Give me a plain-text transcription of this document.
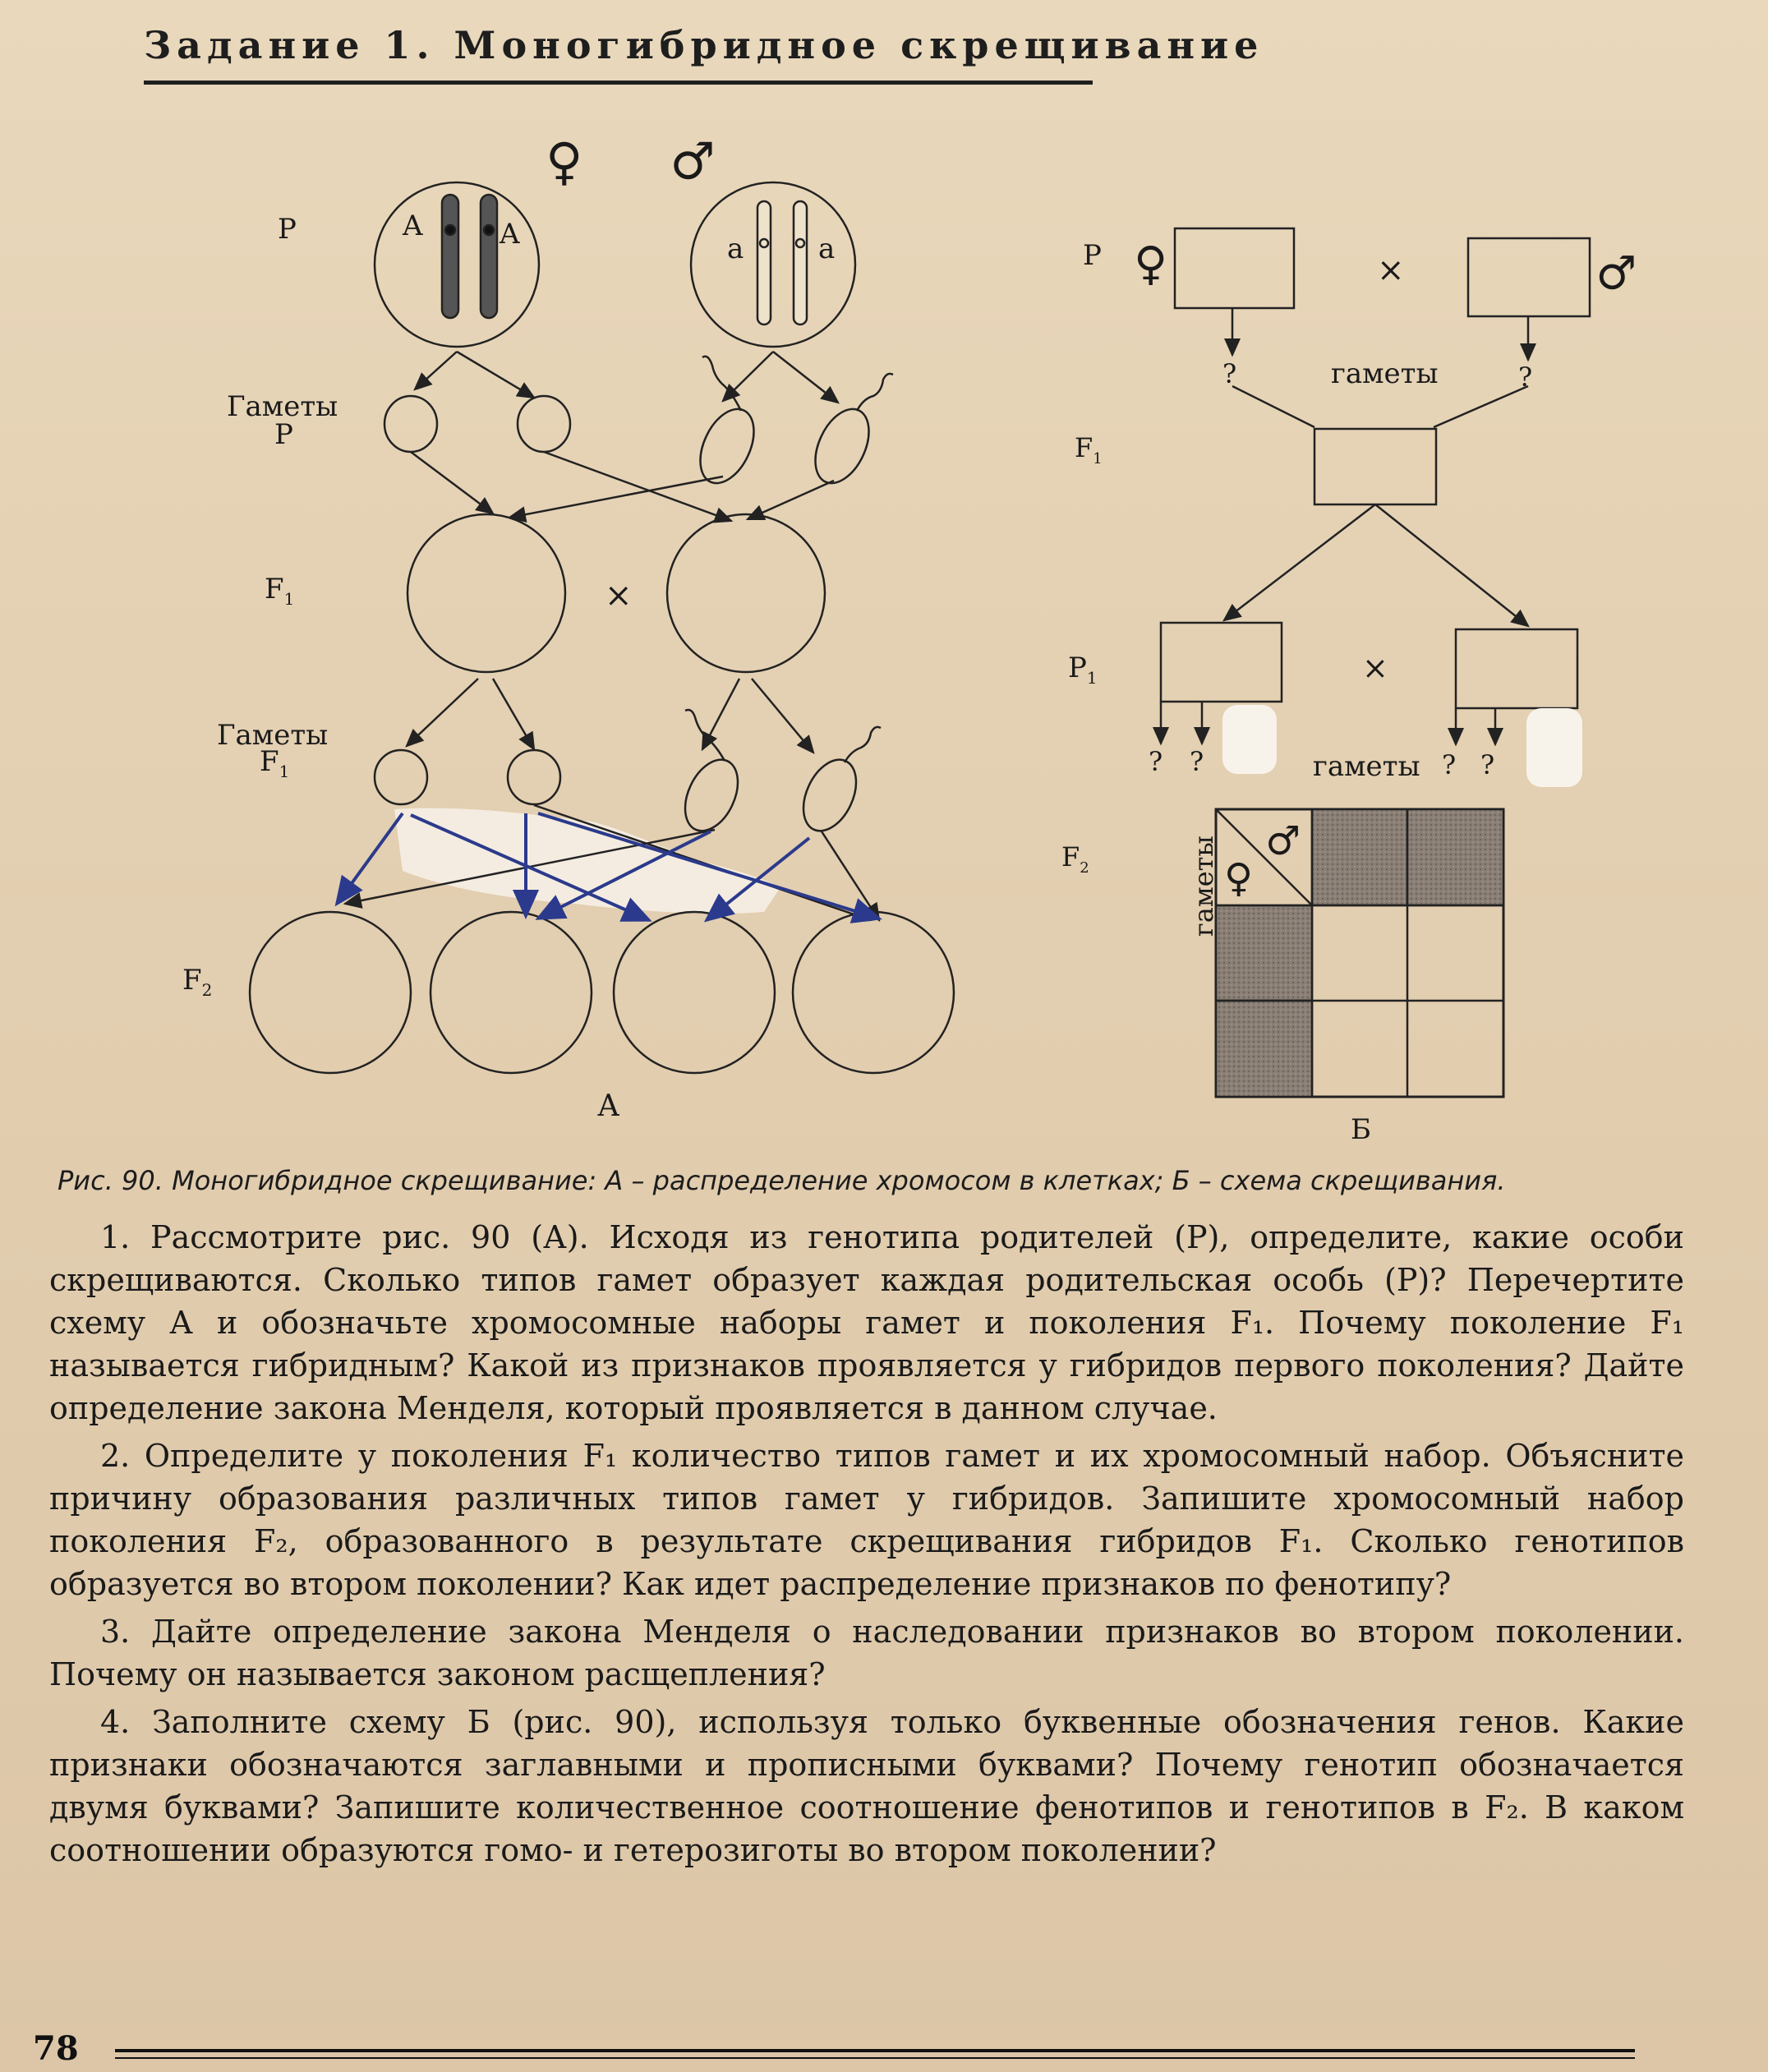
Задание 1. Моногибридное скрещивание
P	A	A	a	a
♀ ♂
Гаметы
P
$F_1$	×
Гаметы
$F_1$
$F_2$
А
P ♀	×	♂
?	гаметы	?
$F_1$
$P_1$	×
? ?	гаметы ? ?
$F_2$	гаметы ♀
♂
Б
Рис. 90. Моногибридное скрещивание: А – распределение хромосом в клетках; Б – схема скрещивания.

1. Рассмотрите рис. 90 (А). Исходя из генотипа родителей (Р), определите, какие особи скрещиваются. Сколько типов гамет образует каждая родительская особь (Р)? Перечертите схему А и обозначьте хромосомные наборы гамет и поколения F₁. Почему поколение F₁ называется гибридным? Какой из признаков проявляется у гибридов первого поколения? Дайте определение закона Менделя, который проявляется в данном случае.

2. Определите у поколения F₁ количество типов гамет и их хромосомный набор. Объясните причину образования различных типов гамет у гибридов. Запишите хромосомный набор поколения F₂, образованного в результате скрещивания гибридов F₁. Сколько генотипов образуется во втором поколении? Как идет распределение признаков по фенотипу?

3. Дайте определение закона Менделя о наследовании признаков во втором поколении. Почему он называется законом расщепления?

4. Заполните схему Б (рис. 90), используя только буквенные обозначения генов. Какие признаки обозначаются заглавными и прописными буквами? Почему генотип обозначается двумя буквами? Запишите количественное соотношение фенотипов и генотипов в F₂. В каком соотношении образуются гомо- и гетерозиготы во втором поколении?

78
